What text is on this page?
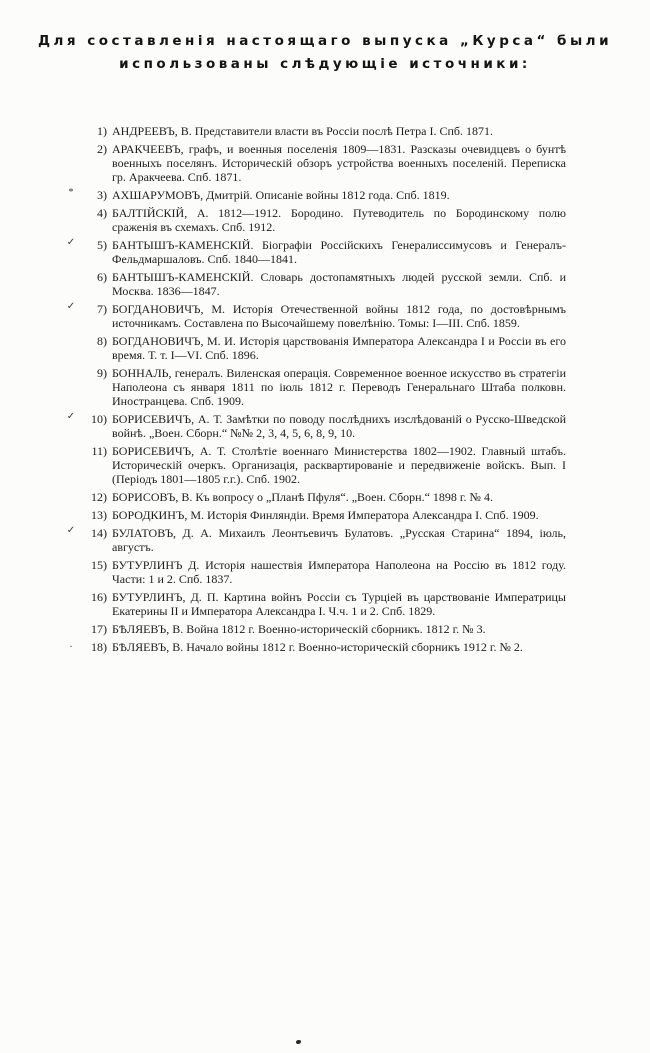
Для составленія настоящаго выпуска „Курса“ были
использованы слѣдующіе источники:
1) АНДРЕЕВЪ, В. Представители власти въ Россіи послѣ Петра I. Спб. 1871.
2) АРАКЧЕЕВЪ, графъ, и военныя поселенія 1809—1831. Разсказы очевидцевъ о бунтѣ военныхъ поселянъ. Историческій обзоръ устройства военныхъ поселеній. Переписка гр. Аракчеева. Спб. 1871.
*	3) АХШАРУМОВЪ, Дмитрій. Описаніе войны 1812 года. Спб. 1819.
4) БАЛТІЙСКІЙ, А. 1812—1912. Бородино. Путеводитель по Бородинскому полю сраженія въ схемахъ. Спб. 1912.
✓	5) БАНТЫШЪ-КАМЕНСКІЙ. Біографіи Россійскихъ Генералиссимусовъ и Генералъ-Фельдмаршаловъ. Спб. 1840—1841.
6) БАНТЫШЪ-КАМЕНСКІЙ. Словарь достопамятныхъ людей русской земли. Спб. и Москва. 1836—1847.
✓	7) БОГДАНОВИЧЪ, М. Исторія Отечественной войны 1812 года, по достовѣрнымъ источникамъ. Составлена по Высочайшему повелѣнію. Томы: I—III. Спб. 1859.
8) БОГДАНОВИЧЪ, М. И. Исторія царствованія Императора Александра I и Россіи въ его время. Т. т. I—VI. Спб. 1896.
9) БОННАЛЬ, генералъ. Виленская операція. Современное военное искусство въ стратегіи Наполеона съ января 1811 по іюль 1812 г. Переводъ Генеральнаго Штаба полковн. Иностранцева. Спб. 1909.
✓	10) БОРИСЕВИЧЪ, А. Т. Замѣтки по поводу послѣднихъ изслѣдованій о Русско-Шведской войнѣ. „Воен. Сборн.“ №№ 2, 3, 4, 5, 6, 8, 9, 10.
11) БОРИСЕВИЧЪ, А. Т. Столѣтіе военнаго Министерства 1802—1902. Главный штабъ. Историческій очеркъ. Организація, расквартированіе и передвиженіе войскъ. Вып. I (Періодъ 1801—1805 г.г.). Спб. 1902.
12) БОРИСОВЪ, В. Къ вопросу о „Планѣ Пфуля“. „Воен. Сборн.“ 1898 г. № 4.
13) БОРОДКИНЪ, М. Исторія Финляндіи. Время Императора Александра I. Спб. 1909.
✓	14) БУЛАТОВЪ, Д. А. Михаилъ Леонтьевичъ Булатовъ. „Русская Старина“ 1894, іюль, августъ.
15) БУТУРЛИНЪ Д. Исторія нашествія Императора Наполеона на Россію въ 1812 году. Части: 1 и 2. Спб. 1837.
16) БУТУРЛИНЪ, Д. П. Картина войнъ Россіи съ Турціей въ царствованіе Императрицы Екатерины II и Императора Александра I. Ч.ч. 1 и 2. Спб. 1829.
17) БѢЛЯЕВЪ, В. Война 1812 г. Военно-историческій сборникъ. 1812 г. № 3.
.	18) БѢЛЯЕВЪ, В. Начало войны 1812 г. Военно-историческій сборникъ 1912 г. № 2.
